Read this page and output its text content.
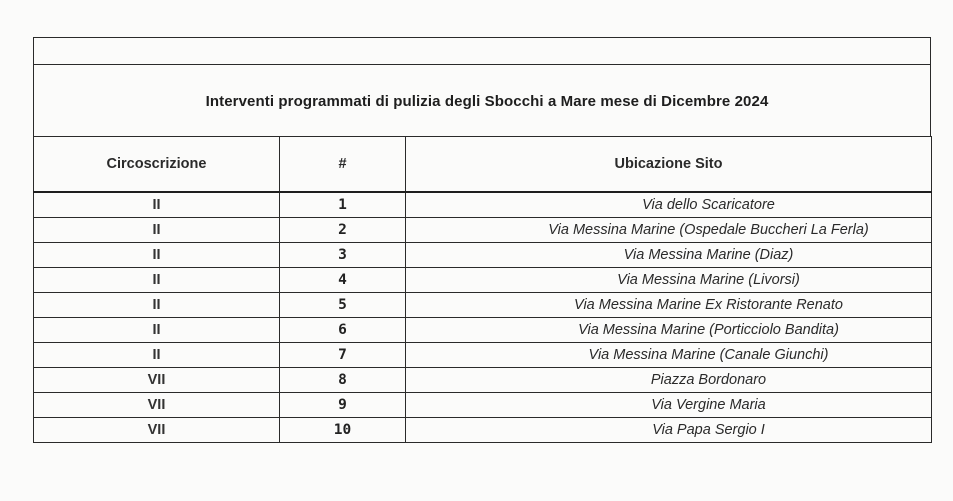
Interventi programmati di pulizia degli Sbocchi a Mare mese di Dicembre 2024
Circoscrizione	#	Ubicazione Sito
II	1	Via dello Scaricatore
II	2	Via Messina Marine (Ospedale Buccheri La Ferla)
II	3	Via Messina Marine (Diaz)
II	4	Via Messina Marine (Livorsi)
II	5	Via Messina Marine Ex Ristorante Renato
II	6	Via Messina Marine (Porticciolo Bandita)
II	7	Via Messina Marine (Canale Giunchi)
VII	8	Piazza Bordonaro
VII	9	Via Vergine Maria
VII	10	Via Papa Sergio I
